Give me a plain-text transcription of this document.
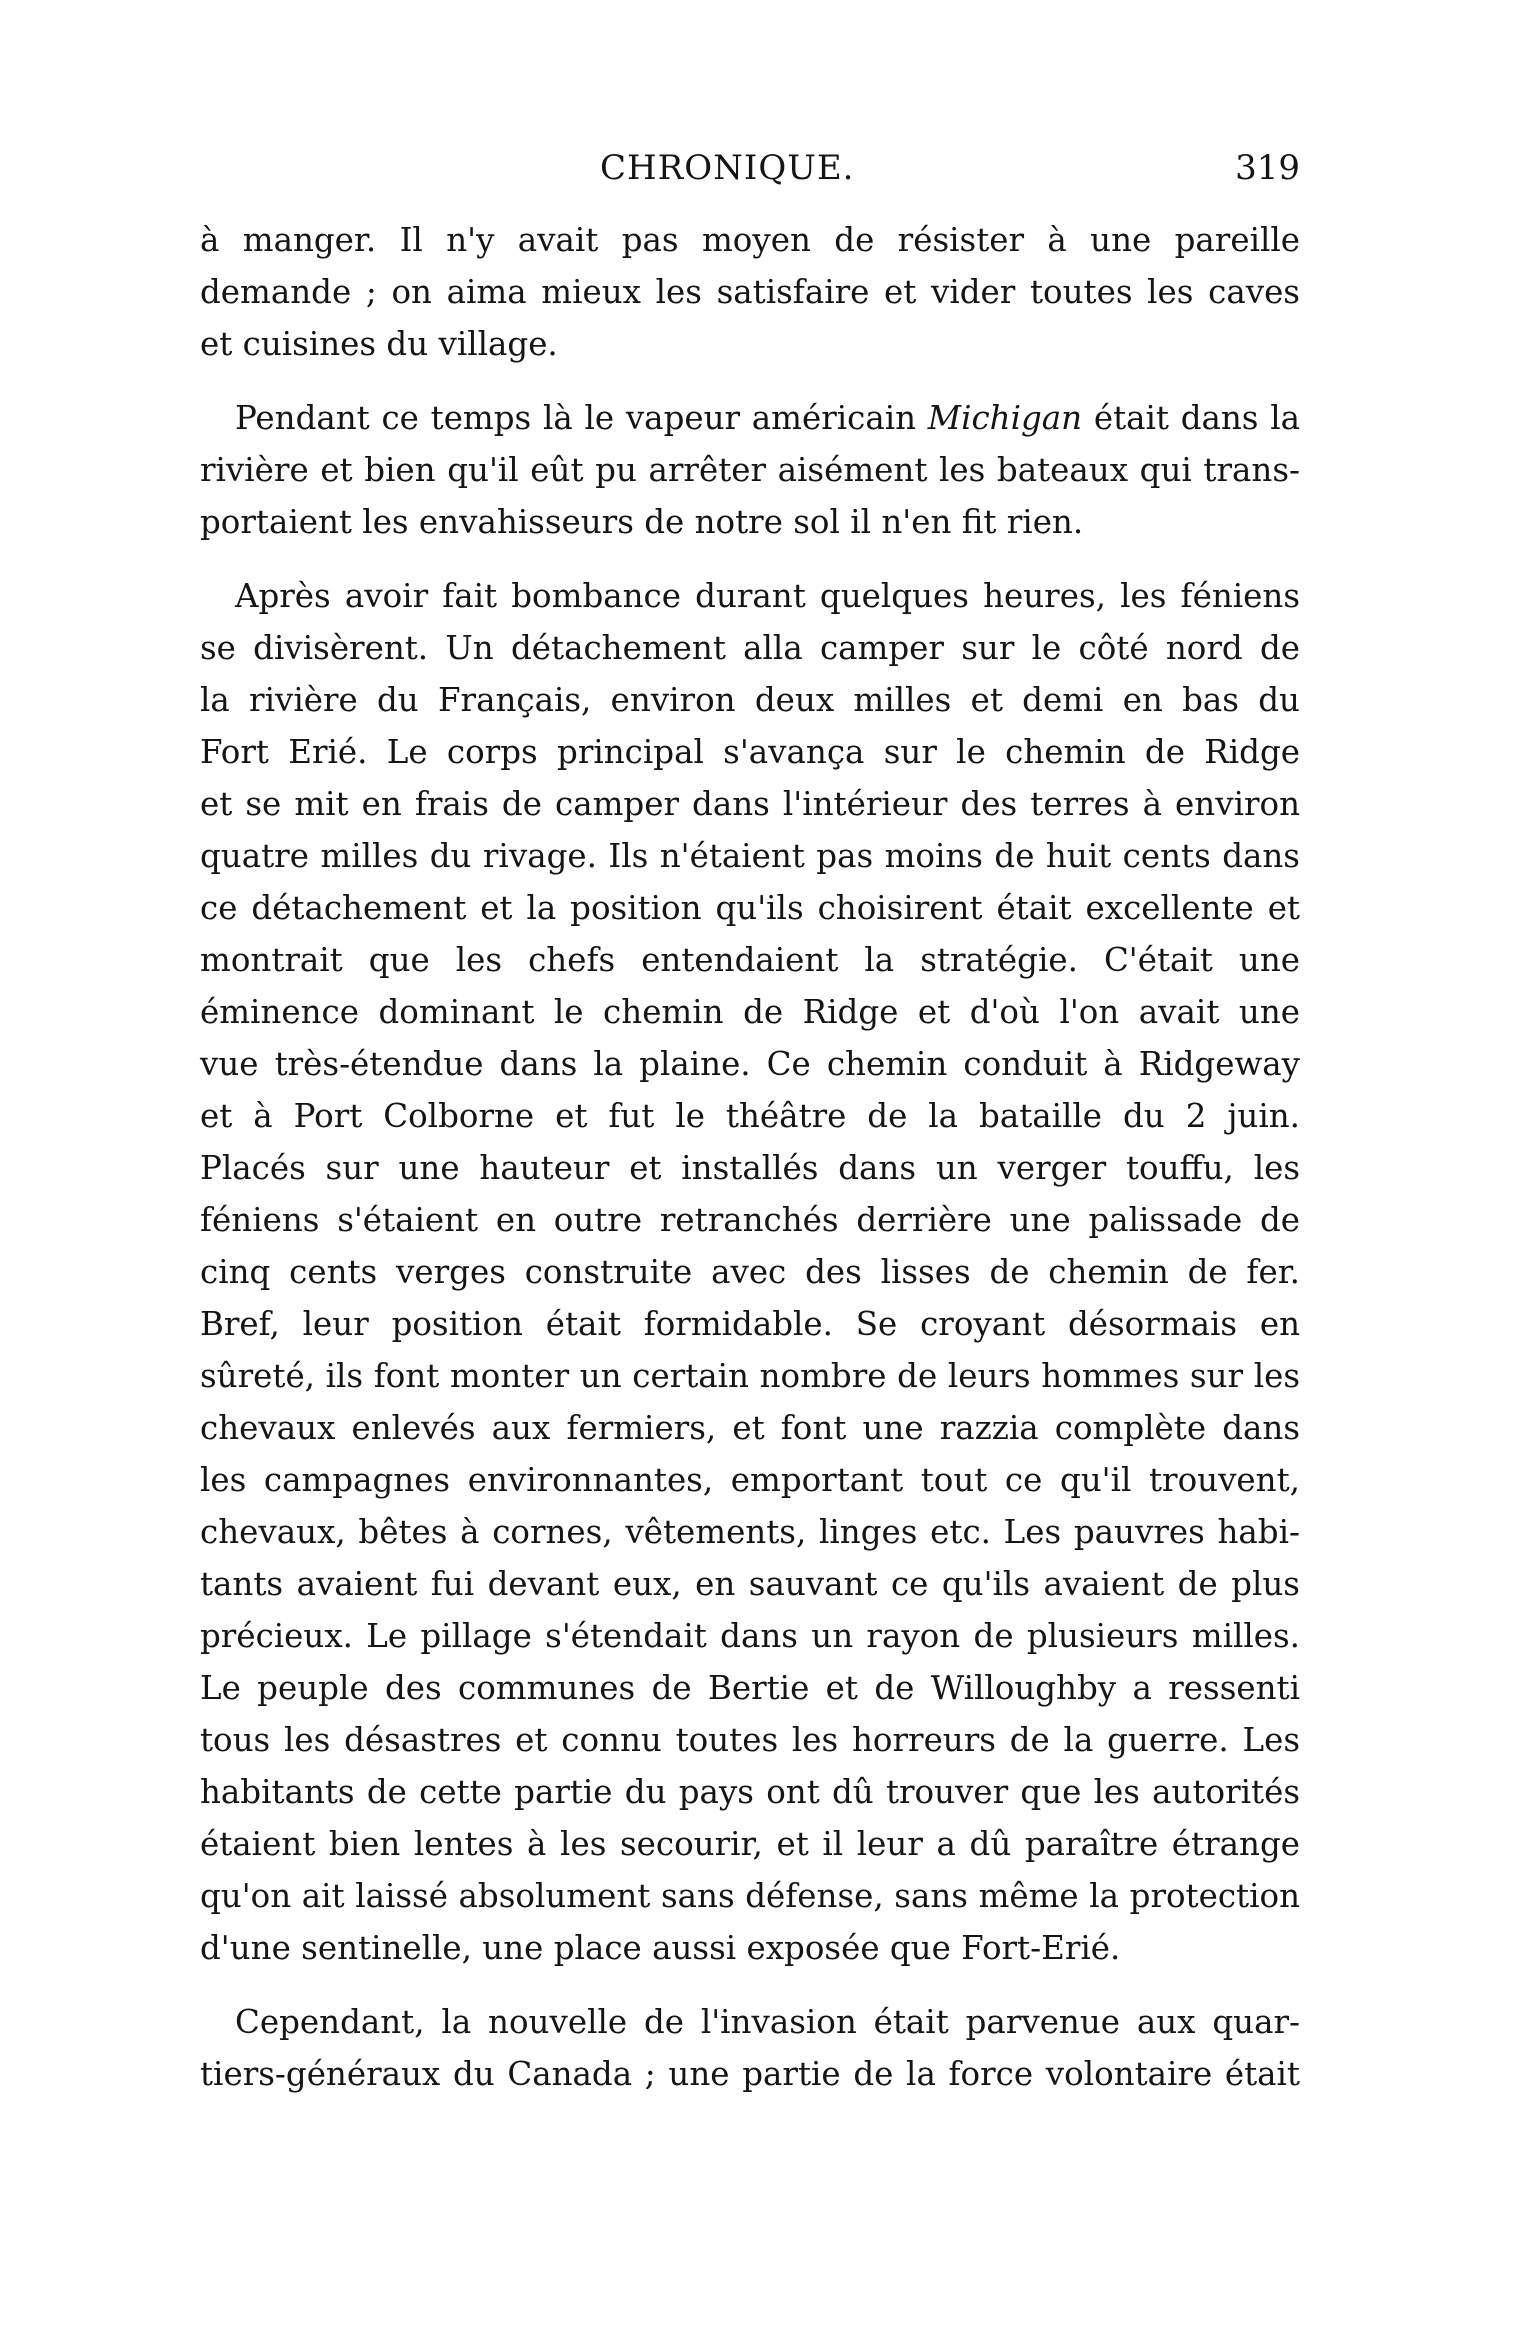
CHRONIQUE.	319

à manger. Il n'y avait pas moyen de résister à une pareille
demande ; on aima mieux les satisfaire et vider toutes les caves
et cuisines du village.

Pendant ce temps là le vapeur américain Michigan était dans la
rivière et bien qu'il eût pu arrêter aisément les bateaux qui trans-
portaient les envahisseurs de notre sol il n'en fit rien.

Après avoir fait bombance durant quelques heures, les féniens
se divisèrent. Un détachement alla camper sur le côté nord de
la rivière du Français, environ deux milles et demi en bas du
Fort Erié. Le corps principal s'avança sur le chemin de Ridge
et se mit en frais de camper dans l'intérieur des terres à environ
quatre milles du rivage. Ils n'étaient pas moins de huit cents dans
ce détachement et la position qu'ils choisirent était excellente et
montrait que les chefs entendaient la stratégie. C'était une
éminence dominant le chemin de Ridge et d'où l'on avait une
vue très-étendue dans la plaine. Ce chemin conduit à Ridgeway
et à Port Colborne et fut le théâtre de la bataille du 2 juin.
Placés sur une hauteur et installés dans un verger touffu, les
féniens s'étaient en outre retranchés derrière une palissade de
cinq cents verges construite avec des lisses de chemin de fer.
Bref, leur position était formidable. Se croyant désormais en
sûreté, ils font monter un certain nombre de leurs hommes sur les
chevaux enlevés aux fermiers, et font une razzia complète dans
les campagnes environnantes, emportant tout ce qu'il trouvent,
chevaux, bêtes à cornes, vêtements, linges etc. Les pauvres habi-
tants avaient fui devant eux, en sauvant ce qu'ils avaient de plus
précieux. Le pillage s'étendait dans un rayon de plusieurs milles.
Le peuple des communes de Bertie et de Willoughby a ressenti
tous les désastres et connu toutes les horreurs de la guerre. Les
habitants de cette partie du pays ont dû trouver que les autorités
étaient bien lentes à les secourir, et il leur a dû paraître étrange
qu'on ait laissé absolument sans défense, sans même la protection
d'une sentinelle, une place aussi exposée que Fort-Erié.

Cependant, la nouvelle de l'invasion était parvenue aux quar-
tiers-généraux du Canada ; une partie de la force volontaire était
